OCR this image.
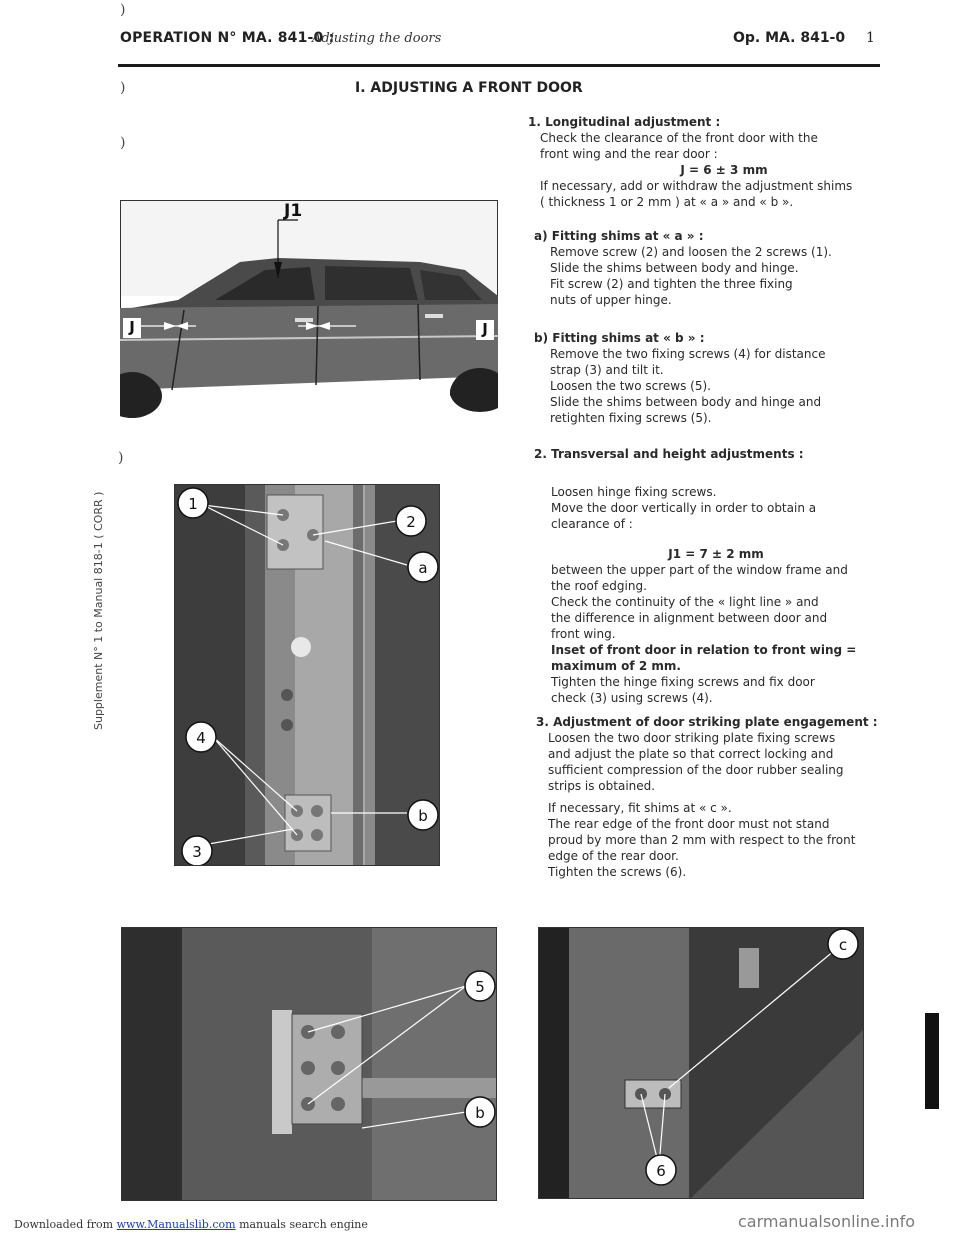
OPERATION N° MA. 841-0 :
Adjusting the doors	Op. MA. 841-0 1
I. ADJUSTING A FRONT DOOR
)
)
)
)
Supplement N° 1 to Manual 818-1 ( CORR )
J1
J	J
1
2
a
4
b
3
5
b
c
6

1. Longitudinal adjustment :

Check the clearance of the front door with the

front wing and the rear door :

J = 6 ± 3 mm

If necessary, add or withdraw the adjustment shims

( thickness 1 or 2 mm ) at « a » and « b ».

a) Fitting shims at « a » :

Remove screw (2) and loosen the 2 screws (1).

Slide the shims between body and hinge.

Fit screw (2) and tighten the three fixing

nuts of upper hinge.

b) Fitting shims at « b » :

Remove the two fixing screws (4) for distance

strap (3) and tilt it.

Loosen the two screws (5).

Slide the shims between body and hinge and

retighten fixing screws (5).

2. Transversal and height adjustments :

Loosen hinge fixing screws.

Move the door vertically in order to obtain a

clearance of :

J1 = 7 ± 2 mm

between the upper part of the window frame and

the roof edging.

Check the continuity of the « light line » and

the difference in alignment between door and

front wing.

Inset of front door in relation to front wing = maximum of 2 mm.

Tighten the hinge fixing screws and fix door

check (3) using screws (4).

3. Adjustment of door striking plate engagement :

Loosen the two door striking plate fixing screws

and adjust the plate so that correct locking and

sufficient compression of the door rubber sealing

strips is obtained.

If necessary, fit shims at « c ».

The rear edge of the front door must not stand

proud by more than 2 mm with respect to the front

edge of the rear door.

Tighten the screws (6).

Downloaded from www.Manualslib.com manuals search engine	carmanualsonline.info
